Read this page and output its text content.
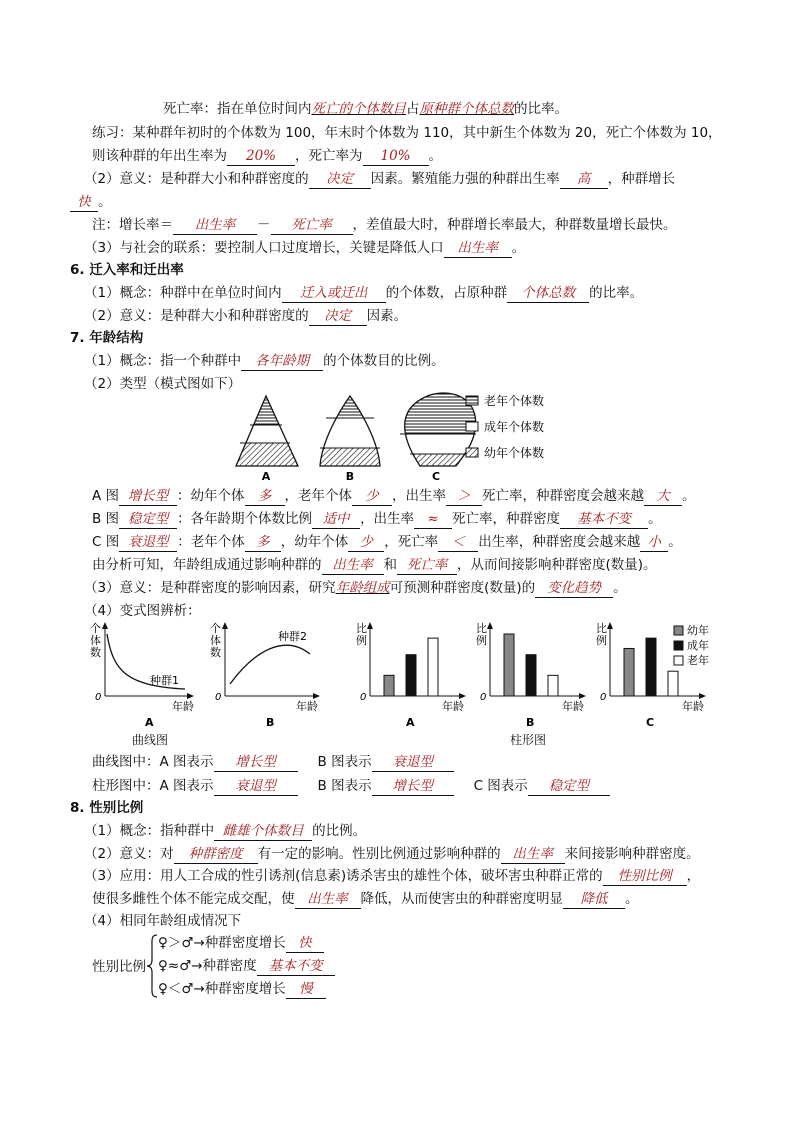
死亡率：指在单位时间内死亡的个体数目占原种群个体总数的比率。
练习：某种群年初时的个体数为 100，年末时个体数为 110，其中新生个体数为 20，死亡个体数为 10，
则该种群的年出生率为 20% ，死亡率为 10% 。
（2）意义：是种群大小和种群密度的 决定 因素。繁殖能力强的种群出生率 高 ，种群增长
快 。
注：增长率＝ 出生率 － 死亡率 ，差值最大时，种群增长率最大，种群数量增长最快。
（3）与社会的联系：要控制人口过度增长，关键是降低人口 出生率 。
6. 迁入率和迁出率
（1）概念：种群中在单位时间内 迁入或迁出 的个体数，占原种群 个体总数 的比率。
（2）意义：是种群大小和种群密度的 决定 因素。
7. 年龄结构
（1）概念：指一个种群中 各年龄期 的个体数目的比例。
（2）类型（模式图如下）
A	B	C
老年个体数
成年个体数
幼年个体数
A 图 增长型 ：幼年个体 多 ，老年个体 少 ，出生率 ＞ 死亡率，种群密度会越来越 大 。
B 图 稳定型 ：各年龄期个体数比例 适中 ，出生率 ≈ 死亡率，种群密度 基本不变 。
C 图 衰退型 ：老年个体 多 ，幼年个体 少 ，死亡率 ＜ 出生率，种群密度会越来越 小 。
由分析可知，年龄组成通过影响种群的 出生率 和 死亡率 ，从而间接影响种群密度(数量)。
（3）意义：是种群密度的影响因素，研究年龄组成可预测种群密度(数量)的 变化趋势 。
（4）变式图辨析：
个
体
数
0
年龄
种群1
A
个
体
数
0
年龄
种群2
B
比
例
0
年龄
A
比
例
0
年龄
B
比
例
0
年龄
C
幼年
成年
老年
曲线图	柱形图
曲线图中：A 图表示 增长型	B 图表示 衰退型
柱形图中：A 图表示 衰退型	B 图表示 增长型	C 图表示 稳定型
8. 性别比例
（1）概念：指种群中 雌雄个体数目 的比例。
（2）意义：对 种群密度 有一定的影响。性别比例通过影响种群的 出生率 来间接影响种群密度。
（3）应用：用人工合成的性引诱剂(信息素)诱杀害虫的雄性个体，破坏害虫种群正常的 性别比例 ，
使很多雌性个体不能完成交配，使 出生率 降低，从而使害虫的种群密度明显 降低 。
（4）相同年龄组成情况下
性别比例
♀＞♂→种群密度增长 快
♀≈♂→种群密度 基本不变
♀＜♂→种群密度增长 慢
